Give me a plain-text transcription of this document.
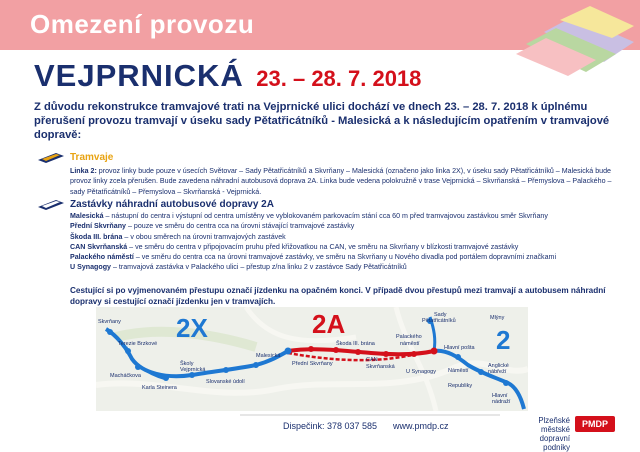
Omezení provozu
VEJPRNICKÁ 23. – 28. 7. 2018
Z důvodu rekonstrukce tramvajové trati na Vejprnické ulici dochází ve dnech 23. – 28. 7. 2018 k úplnému přerušení provozu tramvají v úseku sady Pětatřicátníků - Malesická a k následujícím opatřením v tramvajové dopravě:
Tramvaje
Linka 2: provoz linky bude pouze v úsecích Světovar – Sady Pětatřicátníků a Skvrňany – Malesická (označeno jako linka 2X), v úseku sady Pětatřicátníků – Malesická bude provoz linky zcela přerušen. Bude zavedena náhradní autobusová doprava 2A. Linka bude vedena polokružně v trase Vejprnická – Skvrňanská – Přemyslova – Palackého – sady Pětatřicátníků – Přemyslova – Skvrňanská - Vejprnická.
Zastávky náhradní autobusové dopravy 2A
Malesická – nástupní do centra i výstupní od centra umístěny ve vyblokovaném parkovacím stání cca 60 m před tramvajovou zastávkou směr Skvrňany
Přední Skvrňany – pouze ve směru do centra cca na úrovni stávající tramvajové zastávky
Škoda III. brána – v obou směrech na úrovni tramvajových zastávek
CAN Skvrňanská – ve směru do centra v připojovacím pruhu před křižovatkou na CAN, ve směru na Skvrňany v blízkosti tramvajové zastávky
Palackého náměstí – ve směru do centra cca na úrovni tramvajové zastávky, ve směru na Skvrňany u Nového divadla pod portálem dopravními značkami
U Synagogy – tramvajová zastávka v Palackého ulici – přestup z/na linku 2 v zastávce Sady Pětatřicátníků
Cestující si po vyjmenovaném přestupu označí jízdenku na opačném konci. V případě dvou přestupů mezi tramvají a autobusem náhradní dopravy si cestující označí jízdenku jen v tramvajích.
2X	2A
2
Skvrňany
Terezie Brzkové
Macháčkova
Karla Steinera
Školy
Vejprnická
Slovanské údolí
Malesická
Přední Skvrňany
Škoda III. brána
CAN
Skvrňanská
Palackého
náměstí
U Synagogy
Sady
Pětatřicátníků	Mlýny
Hlavní pošta
Náměstí
Republiky
Anglické
nábřeží
Hlavní
nádraží
Dispečink: 378 037 585 www.pmdp.cz
Plzeňské městské
dopravní podniky
PMDP
